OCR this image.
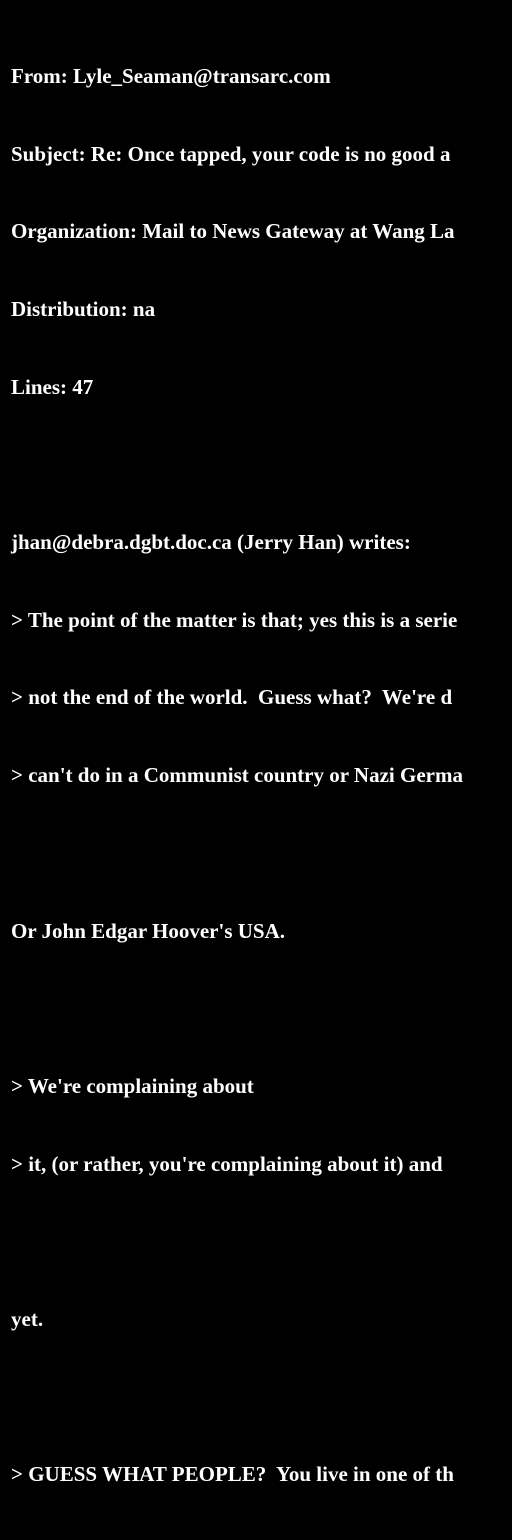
From: Lyle_Seaman@transarc.com

Subject: Re: Once tapped, your code is no good a

Organization: Mail to News Gateway at Wang La

Distribution: na

Lines: 47

jhan@debra.dgbt.doc.ca (Jerry Han) writes:

> The point of the matter is that; yes this is a serie

> not the end of the world.  Guess what?  We're d

> can't do in a Communist country or Nazi Germa

Or John Edgar Hoover's USA.

> We're complaining about

> it, (or rather, you're complaining about it) and

yet.

> GUESS WHAT PEOPLE?  You live in one of th
